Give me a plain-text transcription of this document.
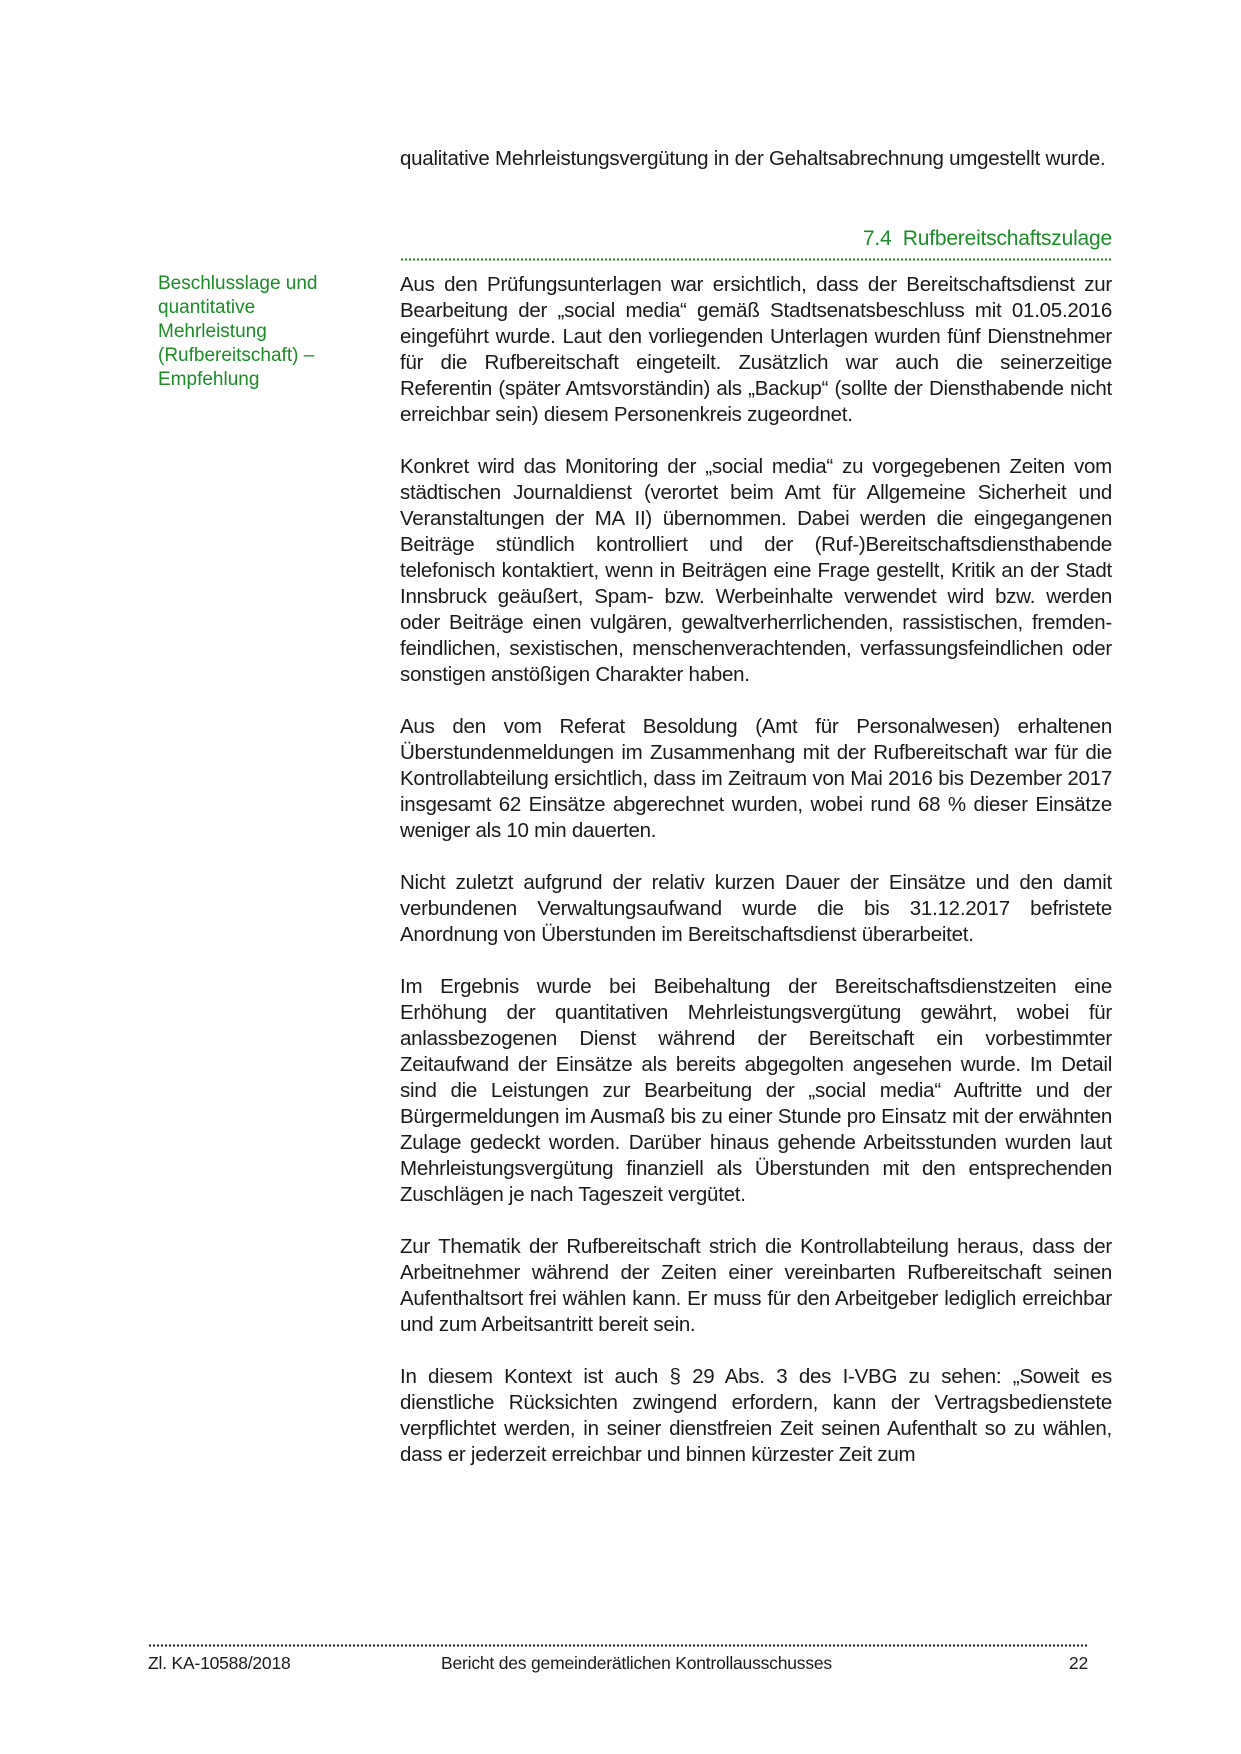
qualitative Mehrleistungsvergütung in der Gehaltsabrechnung umgestellt wurde.

7.4 Rufbereitschaftszulage
Beschlusslage und
quantitative
Mehrleistung
(Rufbereitschaft) –
Empfehlung

Aus den Prüfungsunterlagen war ersichtlich, dass der Bereitschaftsdienst zur Bearbeitung der „social media“ gemäß Stadtsenatsbeschluss mit 01.05.2016 eingeführt wurde. Laut den vorliegenden Unterlagen wurden fünf Dienstnehmer für die Rufbereitschaft eingeteilt. Zusätzlich war auch die seinerzeitige Referentin (später Amtsvorständin) als „Backup“ (sollte der Diensthabende nicht erreichbar sein) diesem Personenkreis zugeordnet.

Konkret wird das Monitoring der „social media“ zu vorgegebenen Zeiten vom städtischen Journaldienst (verortet beim Amt für Allgemeine Sicherheit und Veranstaltungen der MA II) übernommen. Dabei werden die eingegangenen Beiträge stündlich kontrolliert und der (Ruf-)Bereitschaftsdiensthabende telefonisch kontaktiert, wenn in Beiträgen eine Frage gestellt, Kritik an der Stadt Innsbruck geäußert, Spam- bzw. Werbeinhalte verwendet wird bzw. werden oder Beiträge einen vulgären, gewaltverherrlichenden, rassistischen, fremden-feindlichen, sexistischen, menschenverachtenden, verfassungsfeindlichen oder sonstigen anstößigen Charakter haben.

Aus den vom Referat Besoldung (Amt für Personalwesen) erhaltenen Überstundenmeldungen im Zusammenhang mit der Rufbereitschaft war für die Kontrollabteilung ersichtlich, dass im Zeitraum von Mai 2016 bis Dezember 2017 insgesamt 62 Einsätze abgerechnet wurden, wobei rund 68 % dieser Einsätze weniger als 10 min dauerten.

Nicht zuletzt aufgrund der relativ kurzen Dauer der Einsätze und den damit verbundenen Verwaltungsaufwand wurde die bis 31.12.2017 befristete Anordnung von Überstunden im Bereitschaftsdienst überarbeitet.

Im Ergebnis wurde bei Beibehaltung der Bereitschaftsdienstzeiten eine Erhöhung der quantitativen Mehrleistungsvergütung gewährt, wobei für anlassbezogenen Dienst während der Bereitschaft ein vorbestimmter Zeitaufwand der Einsätze als bereits abgegolten angesehen wurde. Im Detail sind die Leistungen zur Bearbeitung der „social media“ Auftritte und der Bürgermeldungen im Ausmaß bis zu einer Stunde pro Einsatz mit der erwähnten Zulage gedeckt worden. Darüber hinaus gehende Arbeitsstunden wurden laut Mehrleistungsvergütung finanziell als Überstunden mit den entsprechenden Zuschlägen je nach Tageszeit vergütet.

Zur Thematik der Rufbereitschaft strich die Kontrollabteilung heraus, dass der Arbeitnehmer während der Zeiten einer vereinbarten Rufbereitschaft seinen Aufenthaltsort frei wählen kann. Er muss für den Arbeitgeber lediglich erreichbar und zum Arbeitsantritt bereit sein.

In diesem Kontext ist auch § 29 Abs. 3 des I-VBG zu sehen: „Soweit es dienstliche Rücksichten zwingend erfordern, kann der Vertragsbedienstete verpflichtet werden, in seiner dienstfreien Zeit seinen Aufenthalt so zu wählen, dass er jederzeit erreichbar und binnen kürzester Zeit zum

Zl. KA-10588/2018	Bericht des gemeinderätlichen Kontrollausschusses	22
